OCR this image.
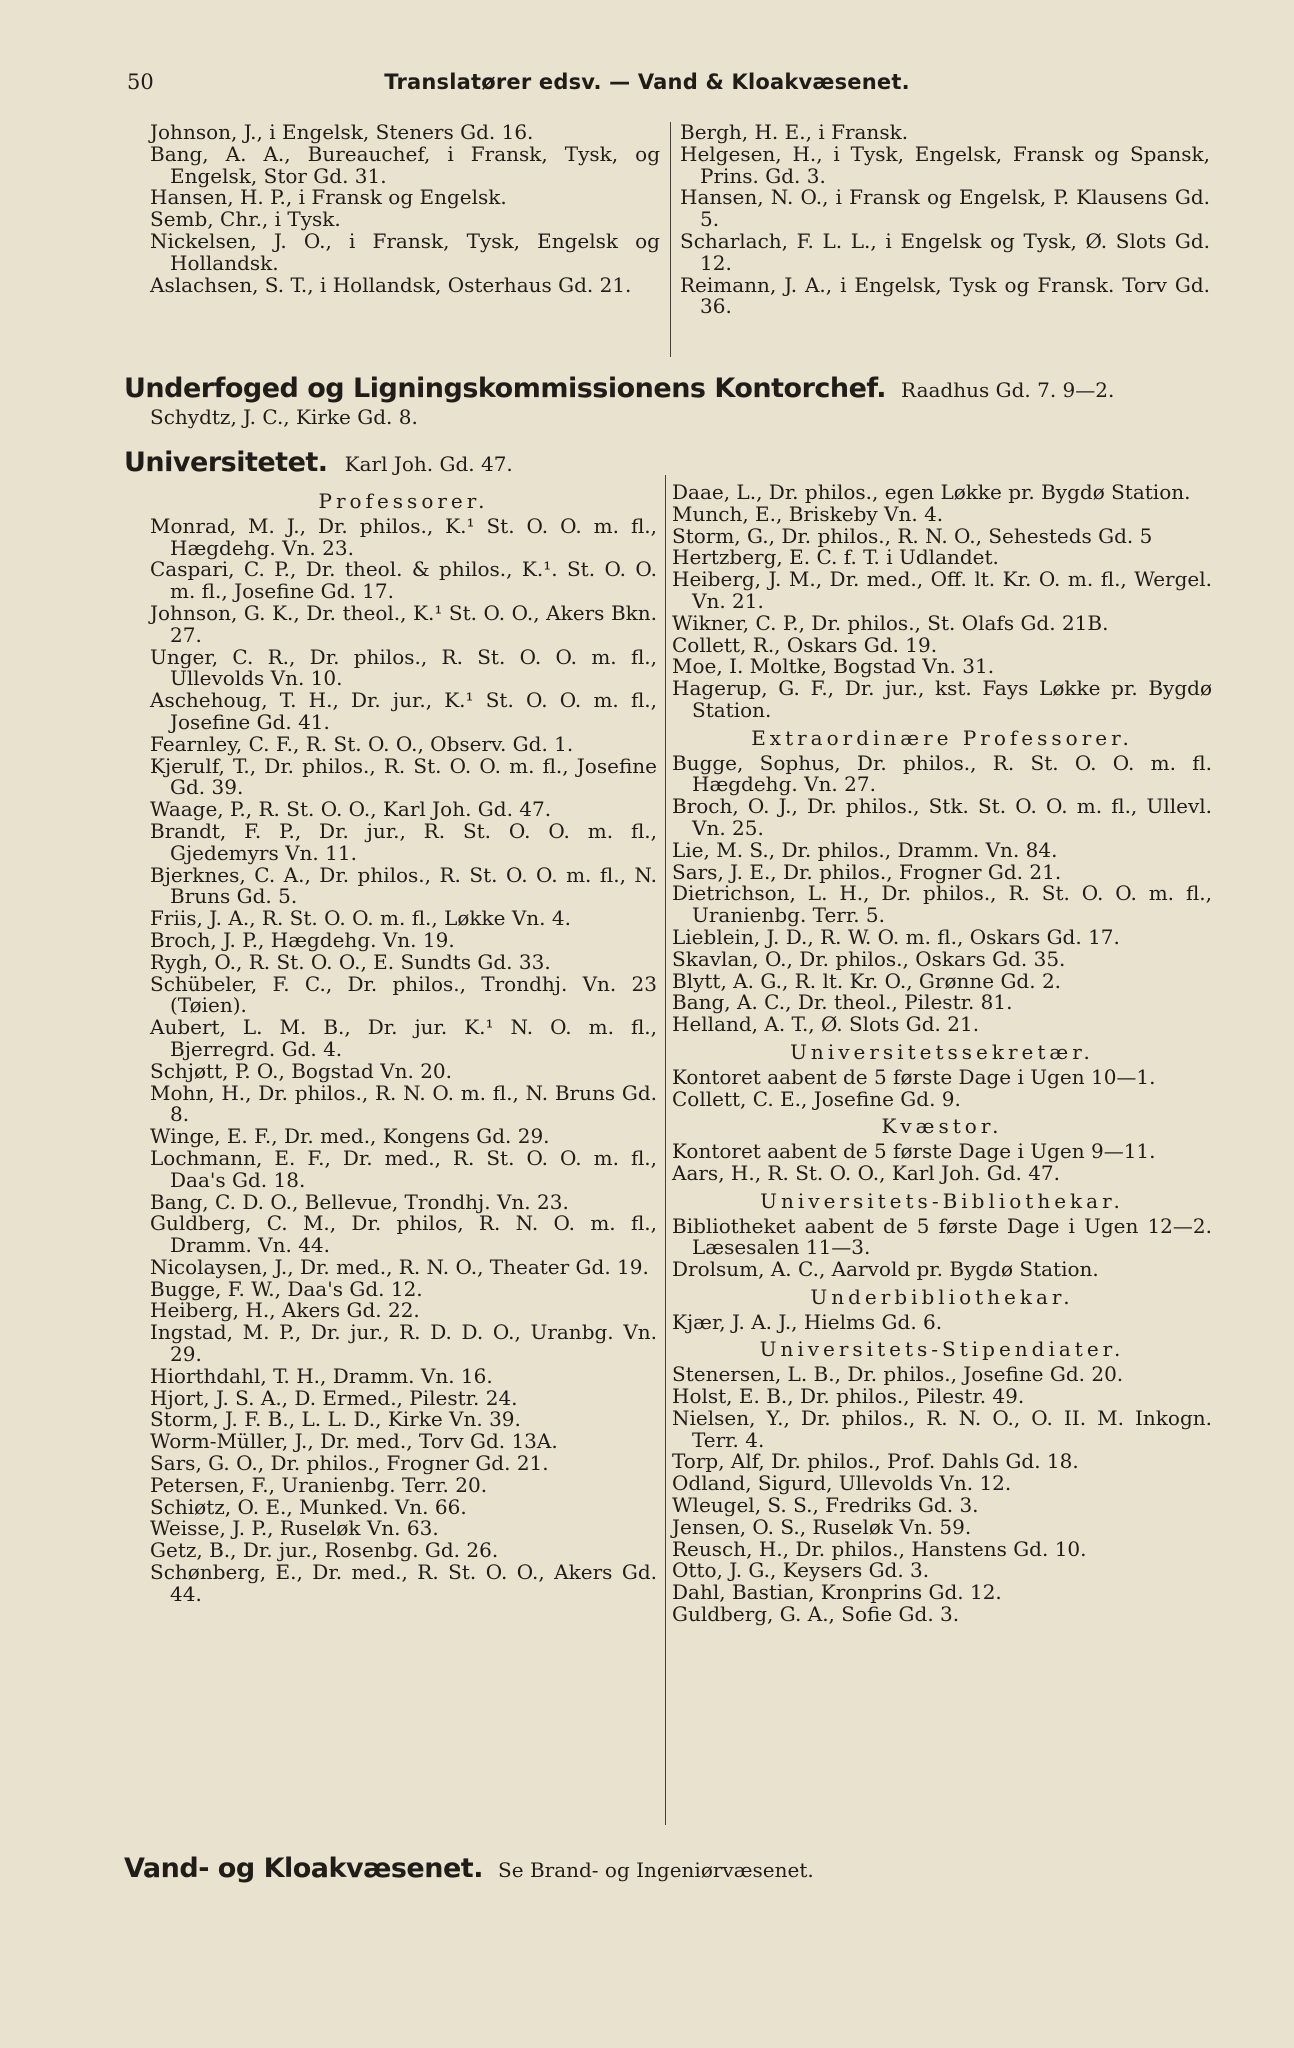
50	Translatører edsv. — Vand & Kloakvæsenet.

Johnson, J., i Engelsk, Steners Gd. 16.

Bang, A. A., Bureauchef, i Fransk, Tysk, og Engelsk, Stor Gd. 31.

Hansen, H. P., i Fransk og Engelsk.

Semb, Chr., i Tysk.

Nickelsen, J. O., i Fransk, Tysk, Engelsk og Hollandsk.

Aslachsen, S. T., i Hollandsk, Osterhaus Gd. 21.

Bergh, H. E., i Fransk.

Helgesen, H., i Tysk, Engelsk, Fransk og Spansk, Prins. Gd. 3.

Hansen, N. O., i Fransk og Engelsk, P. Klausens Gd. 5.

Scharlach, F. L. L., i Engelsk og Tysk, Ø. Slots Gd. 12.

Reimann, J. A., i Engelsk, Tysk og Fransk. Torv Gd. 36.

Underfoged og Ligningskommissionens Kontorchef. Raadhus Gd. 7. 9—2.

Schydtz, J. C., Kirke Gd. 8.

Universitetet. Karl Joh. Gd. 47.
Professorer.

Monrad, M. J., Dr. philos., K.¹ St. O. O. m. fl., Hægdehg. Vn. 23.

Caspari, C. P., Dr. theol. & philos., K.¹. St. O. O. m. fl., Josefine Gd. 17.

Johnson, G. K., Dr. theol., K.¹ St. O. O., Akers Bkn. 27.

Unger, C. R., Dr. philos., R. St. O. O. m. fl., Ullevolds Vn. 10.

Aschehoug, T. H., Dr. jur., K.¹ St. O. O. m. fl., Josefine Gd. 41.

Fearnley, C. F., R. St. O. O., Observ. Gd. 1.

Kjerulf, T., Dr. philos., R. St. O. O. m. fl., Josefine Gd. 39.

Waage, P., R. St. O. O., Karl Joh. Gd. 47.

Brandt, F. P., Dr. jur., R. St. O. O. m. fl., Gjedemyrs Vn. 11.

Bjerknes, C. A., Dr. philos., R. St. O. O. m. fl., N. Bruns Gd. 5.

Friis, J. A., R. St. O. O. m. fl., Løkke Vn. 4.

Broch, J. P., Hægdehg. Vn. 19.

Rygh, O., R. St. O. O., E. Sundts Gd. 33.

Schübeler, F. C., Dr. philos., Trondhj. Vn. 23 (Tøien).

Aubert, L. M. B., Dr. jur. K.¹ N. O. m. fl., Bjerregrd. Gd. 4.

Schjøtt, P. O., Bogstad Vn. 20.

Mohn, H., Dr. philos., R. N. O. m. fl., N. Bruns Gd. 8.

Winge, E. F., Dr. med., Kongens Gd. 29.

Lochmann, E. F., Dr. med., R. St. O. O. m. fl., Daa's Gd. 18.

Bang, C. D. O., Bellevue, Trondhj. Vn. 23.

Guldberg, C. M., Dr. philos, R. N. O. m. fl., Dramm. Vn. 44.

Nicolaysen, J., Dr. med., R. N. O., Theater Gd. 19.

Bugge, F. W., Daa's Gd. 12.

Heiberg, H., Akers Gd. 22.

Ingstad, M. P., Dr. jur., R. D. D. O., Uranbg. Vn. 29.

Hiorthdahl, T. H., Dramm. Vn. 16.

Hjort, J. S. A., D. Ermed., Pilestr. 24.

Storm, J. F. B., L. L. D., Kirke Vn. 39.

Worm-Müller, J., Dr. med., Torv Gd. 13A.

Sars, G. O., Dr. philos., Frogner Gd. 21.

Petersen, F., Uranienbg. Terr. 20.

Schiøtz, O. E., Munked. Vn. 66.

Weisse, J. P., Ruseløk Vn. 63.

Getz, B., Dr. jur., Rosenbg. Gd. 26.

Schønberg, E., Dr. med., R. St. O. O., Akers Gd. 44.

Daae, L., Dr. philos., egen Løkke pr. Bygdø Station.

Munch, E., Briskeby Vn. 4.

Storm, G., Dr. philos., R. N. O., Sehesteds Gd. 5

Hertzberg, E. C. f. T. i Udlandet.

Heiberg, J. M., Dr. med., Off. lt. Kr. O. m. fl., Wergel. Vn. 21.

Wikner, C. P., Dr. philos., St. Olafs Gd. 21B.

Collett, R., Oskars Gd. 19.

Moe, I. Moltke, Bogstad Vn. 31.

Hagerup, G. F., Dr. jur., kst. Fays Løkke pr. Bygdø Station.

Extraordinære Professorer.

Bugge, Sophus, Dr. philos., R. St. O. O. m. fl. Hægdehg. Vn. 27.

Broch, O. J., Dr. philos., Stk. St. O. O. m. fl., Ullevl. Vn. 25.

Lie, M. S., Dr. philos., Dramm. Vn. 84.

Sars, J. E., Dr. philos., Frogner Gd. 21.

Dietrichson, L. H., Dr. philos., R. St. O. O. m. fl., Uranienbg. Terr. 5.

Lieblein, J. D., R. W. O. m. fl., Oskars Gd. 17.

Skavlan, O., Dr. philos., Oskars Gd. 35.

Blytt, A. G., R. lt. Kr. O., Grønne Gd. 2.

Bang, A. C., Dr. theol., Pilestr. 81.

Helland, A. T., Ø. Slots Gd. 21.

Universitetssekretær.

Kontoret aabent de 5 første Dage i Ugen 10—1.

Collett, C. E., Josefine Gd. 9.

Kvæstor.

Kontoret aabent de 5 første Dage i Ugen 9—11.

Aars, H., R. St. O. O., Karl Joh. Gd. 47.

Universitets-Bibliothekar.

Bibliotheket aabent de 5 første Dage i Ugen 12—2. Læsesalen 11—3.

Drolsum, A. C., Aarvold pr. Bygdø Station.

Underbibliothekar.

Kjær, J. A. J., Hielms Gd. 6.

Universitets-Stipendiater.

Stenersen, L. B., Dr. philos., Josefine Gd. 20.

Holst, E. B., Dr. philos., Pilestr. 49.

Nielsen, Y., Dr. philos., R. N. O., O. II. M. Inkogn. Terr. 4.

Torp, Alf, Dr. philos., Prof. Dahls Gd. 18.

Odland, Sigurd, Ullevolds Vn. 12.

Wleugel, S. S., Fredriks Gd. 3.

Jensen, O. S., Ruseløk Vn. 59.

Reusch, H., Dr. philos., Hanstens Gd. 10.

Otto, J. G., Keysers Gd. 3.

Dahl, Bastian, Kronprins Gd. 12.

Guldberg, G. A., Sofie Gd. 3.

Vand- og Kloakvæsenet. Se Brand- og Ingeniørvæsenet.
